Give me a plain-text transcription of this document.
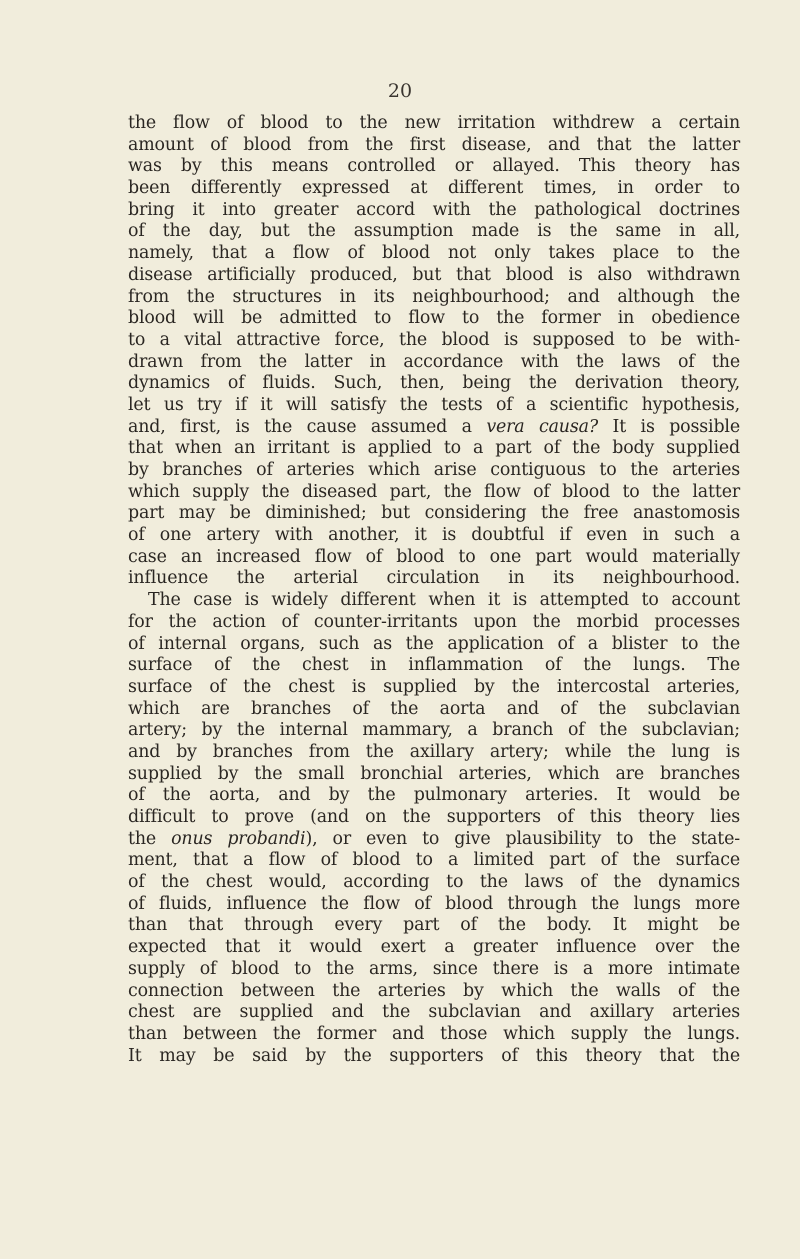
20
the flow of blood to the new irritation withdrew a certain
amount of blood from the first disease, and that the latter
was by this means controlled or allayed. This theory has
been differently expressed at different times, in order to
bring it into greater accord with the pathological doctrines
of the day, but the assumption made is the same in all,
namely, that a flow of blood not only takes place to the
disease artificially produced, but that blood is also withdrawn
from the structures in its neighbourhood; and although the
blood will be admitted to flow to the former in obedience
to a vital attractive force, the blood is supposed to be with-
drawn from the latter in accordance with the laws of the
dynamics of fluids. Such, then, being the derivation theory,
let us try if it will satisfy the tests of a scientific hypothesis,
and, first, is the cause assumed a vera causa? It is possible
that when an irritant is applied to a part of the body supplied
by branches of arteries which arise contiguous to the arteries
which supply the diseased part, the flow of blood to the latter
part may be diminished; but considering the free anastomosis
of one artery with another, it is doubtful if even in such a
case an increased flow of blood to one part would materially
influence the arterial circulation in its neighbourhood.
The case is widely different when it is attempted to account
for the action of counter-irritants upon the morbid processes
of internal organs, such as the application of a blister to the
surface of the chest in inflammation of the lungs. The
surface of the chest is supplied by the intercostal arteries,
which are branches of the aorta and of the subclavian
artery; by the internal mammary, a branch of the subclavian;
and by branches from the axillary artery; while the lung is
supplied by the small bronchial arteries, which are branches
of the aorta, and by the pulmonary arteries. It would be
difficult to prove (and on the supporters of this theory lies
the onus probandi), or even to give plausibility to the state-
ment, that a flow of blood to a limited part of the surface
of the chest would, according to the laws of the dynamics
of fluids, influence the flow of blood through the lungs more
than that through every part of the body. It might be
expected that it would exert a greater influence over the
supply of blood to the arms, since there is a more intimate
connection between the arteries by which the walls of the
chest are supplied and the subclavian and axillary arteries
than between the former and those which supply the lungs.
It may be said by the supporters of this theory that the
